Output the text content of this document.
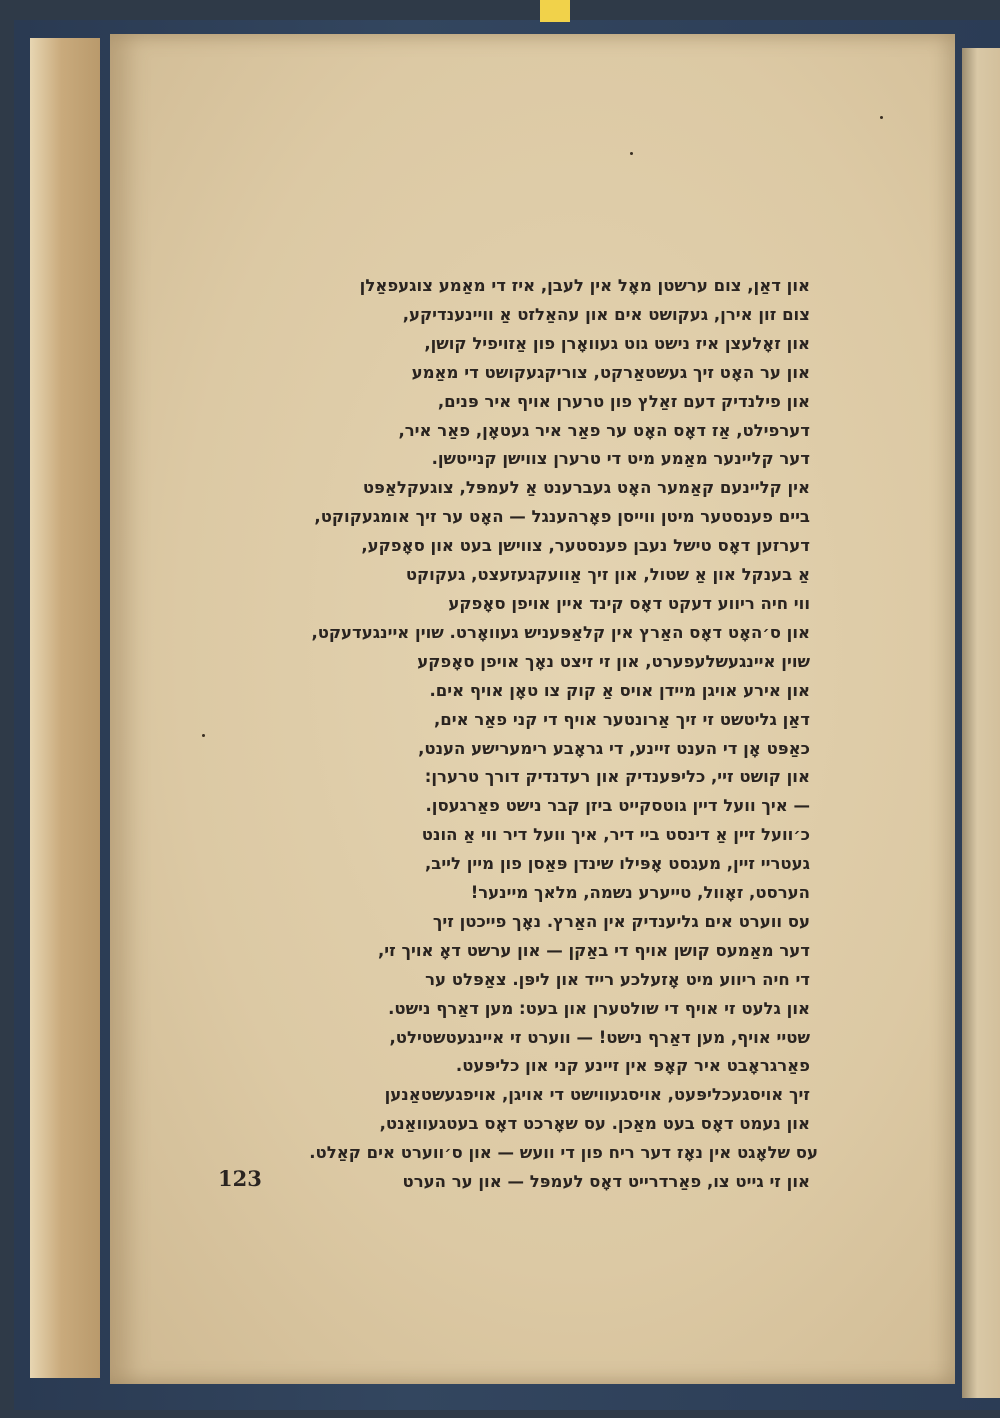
און דאַן, צום ערשטן מאָל אין לעבן, איז די מאַמע צוגעפאַלן
צום זון אירן, געקושט אים און עהאַלזט אַ וויינענדיקע,
און זאָלעצן איז נישט גוט געוואָרן פון אַזויפיל קושן,
און ער האָט זיך געשטאַרקט, צוריקגעקושט די מאַמע
און פילנדיק דעם זאַלץ פון טרערן אויף איר פּנים,
דערפילט, אַז דאָס האָט ער פאַר איר געטאָן, פאַר איר,
דער קליינער מאַמע מיט די טרערן צווישן קנייטשן.
אין קליינעם קאַמער האָט געברענט אַ לעמפּל, צוגעקלאַפּט
ביים פענסטער מיטן ווייסן פאָרהענגל — האָט ער זיך אומגעקוקט,
דערזען דאָס טישל נעבן פענסטער, צווישן בעט און סאָפקע,
אַ בענקל און אַ שטול, און זיך אַוועקגעזעצט, געקוקט
ווי חיה ריווע דעקט דאָס קינד איין אויפן סאָפקע
און ס׳האָט דאָס האַרץ אין קלאַפּעניש געוואָרט. שוין איינגעדעקט,
שוין איינגעשלעפערט, און זי זיצט נאָך אויפן סאָפקע
און אירע אויגן מיידן אויס אַ קוק צו טאָן אויף אים.
דאַן גליטשט זי זיך אַרונטער אויף די קני פאַר אים,
כאַפּט אָן די הענט זיינע, די גראָבע רימערישע הענט,
און קושט זיי, כליפּענדיק און רעדנדיק דורך טרערן:
— איך וועל דיין גוטסקייט ביזן קבר נישט פאַרגעסן.
כ׳וועל זיין אַ דינסט ביי דיר, איך וועל דיר ווי אַ הונט
געטריי זיין, מעגסט אָפּילו שינדן פּאַסן פון מיין לייב,
הערסט, זאָוול, טייערע נשמה, מלאך מיינער!
עס ווערט אים גליענדיק אין האַרץ. נאָך פייכטן זיך
דער מאַמעס קושן אויף די באַקן — און ערשט דאָ אויך זי,
די חיה ריווע מיט אָזעלכע רייד און ליפּן. צאַפּלט ער
און גלעט זי אויף די שולטערן און בעט: מען דאַרף נישט.
שטיי אויף, מען דאַרף נישט! — ווערט זי איינגעטשטילט,
פאַרגראָבט איר קאָפּ אין זיינע קני און כליפּעט.
זיך אויסגעכליפּעט, אויסגעווישט די אויגן, אויפגעשטאַנען
און נעמט דאָס בעט מאַכן. עס שאָרכט דאָס בעטגעוואַנט,
עס שלאָגט אין נאָז דער ריח פון די וועש — און ס׳ווערט אים קאַלט.
און זי גייט צו, פאַרדרייט דאָס לעמפּל — און ער הערט
123
